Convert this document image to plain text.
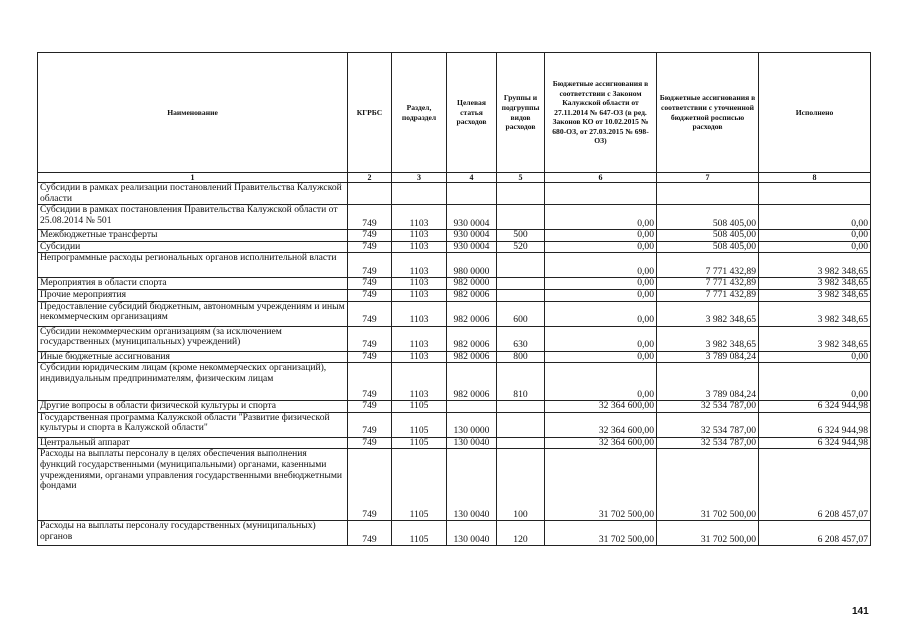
Наименование	КГРБС	Раздел, подраздел	Целевая статья расходов	Группы и подгруппы видов расходов	Бюджетные ассигнования в соответствии с Законом Калужской области от 27.11.2014 № 647-ОЗ (в ред. Законов КО от 10.02.2015 № 680-ОЗ, от 27.03.2015 № 698-ОЗ)	Бюджетные ассигнования в соответствии с уточненной бюджетной росписью расходов	Исполнено
1	2	3	4	5	6	7	8
Субсидии в рамках реализации постановлений Правительства Калужской области							
Субсидии в рамках постановления Правительства Калужской области от 25.08.2014 № 501	749	1103	930 0004		0,00	508 405,00	0,00
Межбюджетные трансферты	749	1103	930 0004	500	0,00	508 405,00	0,00
Субсидии	749	1103	930 0004	520	0,00	508 405,00	0,00
Непрограммные расходы региональных органов исполнительной власти	749	1103	980 0000		0,00	7 771 432,89	3 982 348,65
Мероприятия в области спорта	749	1103	982 0000		0,00	7 771 432,89	3 982 348,65
Прочие мероприятия	749	1103	982 0006		0,00	7 771 432,89	3 982 348,65
Предоставление субсидий бюджетным, автономным учреждениям и иным некоммерческим организациям	749	1103	982 0006	600	0,00	3 982 348,65	3 982 348,65
Субсидии некоммерческим организациям (за исключением государственных (муниципальных) учреждений)	749	1103	982 0006	630	0,00	3 982 348,65	3 982 348,65
Иные бюджетные ассигнования	749	1103	982 0006	800	0,00	3 789 084,24	0,00
Субсидии юридическим лицам (кроме некоммерческих организаций), индивидуальным предпринимателям, физическим лицам	749	1103	982 0006	810	0,00	3 789 084,24	0,00
Другие вопросы в области физической культуры и спорта	749	1105			32 364 600,00	32 534 787,00	6 324 944,98
Государственная программа Калужской области "Развитие физической культуры и спорта в Калужской области"	749	1105	130 0000		32 364 600,00	32 534 787,00	6 324 944,98
Центральный аппарат	749	1105	130 0040		32 364 600,00	32 534 787,00	6 324 944,98
Расходы на выплаты персоналу в целях обеспечения выполнения функций государственными (муниципальными) органами, казенными учреждениями, органами управления государственными внебюджетными фондами	749	1105	130 0040	100	31 702 500,00	31 702 500,00	6 208 457,07
Расходы на выплаты персоналу государственных (муниципальных) органов	749	1105	130 0040	120	31 702 500,00	31 702 500,00	6 208 457,07
141
